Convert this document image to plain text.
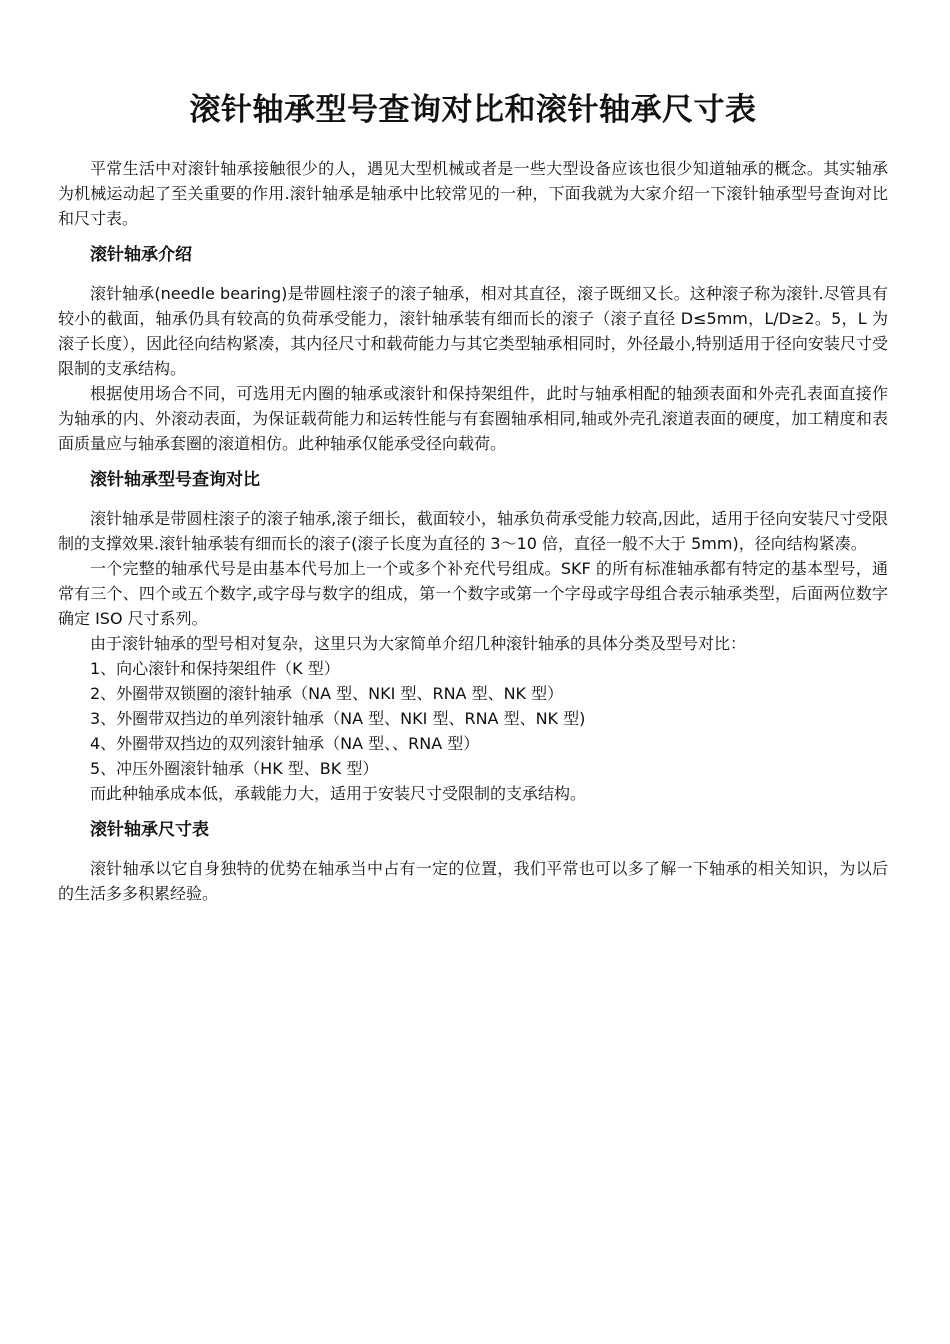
滚针轴承型号查询对比和滚针轴承尺寸表

平常生活中对滚针轴承接触很少的人，遇见大型机械或者是一些大型设备应该也很少知道轴承的概念。其实轴承为机械运动起了至关重要的作用.滚针轴承是轴承中比较常见的一种，下面我就为大家介绍一下滚针轴承型号查询对比和尺寸表。

滚针轴承介绍

滚针轴承(needle bearing)是带圆柱滚子的滚子轴承，相对其直径，滚子既细又长。这种滚子称为滚针.尽管具有较小的截面，轴承仍具有较高的负荷承受能力，滚针轴承装有细而长的滚子（滚子直径 D≤5mm，L/D≥2。5，L 为滚子长度），因此径向结构紧凑，其内径尺寸和载荷能力与其它类型轴承相同时，外径最小,特别适用于径向安装尺寸受限制的支承结构。

根据使用场合不同，可选用无内圈的轴承或滚针和保持架组件，此时与轴承相配的轴颈表面和外壳孔表面直接作为轴承的内、外滚动表面，为保证载荷能力和运转性能与有套圈轴承相同,轴或外壳孔滚道表面的硬度，加工精度和表面质量应与轴承套圈的滚道相仿。此种轴承仅能承受径向载荷。

滚针轴承型号查询对比

滚针轴承是带圆柱滚子的滚子轴承,滚子细长，截面较小，轴承负荷承受能力较高,因此，适用于径向安装尺寸受限制的支撑效果.滚针轴承装有细而长的滚子(滚子长度为直径的 3～10 倍，直径一般不大于 5mm)，径向结构紧凑。

一个完整的轴承代号是由基本代号加上一个或多个补充代号组成。SKF 的所有标准轴承都有特定的基本型号，通常有三个、四个或五个数字,或字母与数字的组成，第一个数字或第一个字母或字母组合表示轴承类型，后面两位数字确定 ISO 尺寸系列。

由于滚针轴承的型号相对复杂，这里只为大家简单介绍几种滚针轴承的具体分类及型号对比：

1、向心滚针和保持架组件（K 型）

2、外圈带双锁圈的滚针轴承（NA 型、NKI 型、RNA 型、NK 型）

3、外圈带双挡边的单列滚针轴承（NA 型、NKI 型、RNA 型、NK 型)

4、外圈带双挡边的双列滚针轴承（NA 型、、RNA 型）

5、冲压外圈滚针轴承（HK 型、BK 型）

而此种轴承成本低，承载能力大，适用于安装尺寸受限制的支承结构。

滚针轴承尺寸表

滚针轴承以它自身独特的优势在轴承当中占有一定的位置，我们平常也可以多了解一下轴承的相关知识，为以后的生活多多积累经验。
